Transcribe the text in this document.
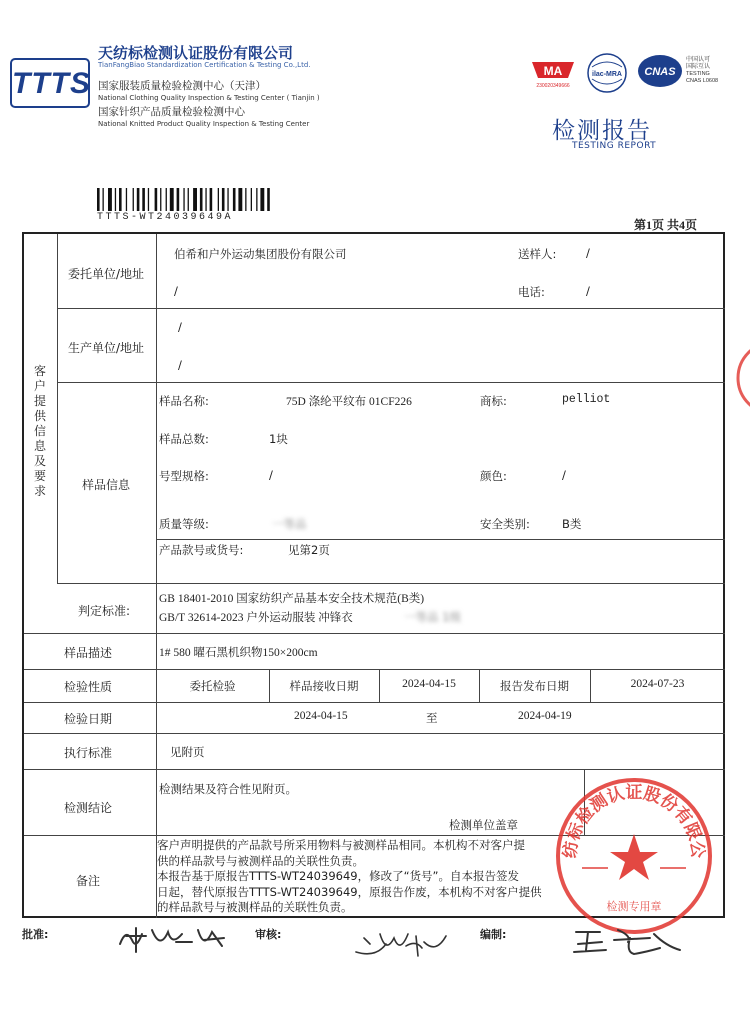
TTTS
天纺标检测认证股份有限公司
TianFangBiao Standardization Certification & Testing Co.,Ltd.
国家服装质量检验检测中心（天津）
National Clothing Quality Inspection & Testing Center ( Tianjin )
国家针织产品质量检验检测中心
National Knitted Product Quality Inspection & Testing Center
MA
230020349666
ilac-MRA CNAS
中国认可
国际互认
TESTING
CNAS L0608
检测报告
TESTING REPORT
TTTS-WT24039649A
第1页 共4页
客户提供信息及要求
委托单位/地址
伯希和户外运动集团股份有限公司
/
送样人:	/
电话:	/
生产单位/地址
/
/
样品信息
样品名称:	75D 涤纶平纹布 01CF226	商标:	pelliot
样品总数:	1块
号型规格:	/	颜色:	/
质量等级:	一等品	安全类别:	B类
产品款号或货号:	见第2页
判定标准:
GB 18401-2010 国家纺织产品基本安全技术规范(B类)
GB/T 32614-2023 户外运动服装 冲锋衣	一等品 1级
样品描述	1# 580 曜石黑机织物150×200cm
检验性质	委托检验	样品接收日期	2024-04-15	报告发布日期	2024-07-23
检验日期	2024-04-15	至	2024-04-19
执行标准	见附页
检测结论
检测结果及符合性见附页。
检测单位盖章
备注
客户声明提供的产品款号所采用物料与被测样品相同。本机构不对客户提
供的样品款号与被测样品的关联性负责。
本报告基于原报告TTTS-WT24039649，修改了“货号”。自本报告签发
日起，替代原报告TTTS-WT24039649，原报告作废，本机构不对客户提供
的样品款号与被测样品的关联性负责。
纺标检测认证股份有限公
检测专用章
批准:	审核:	编制:
